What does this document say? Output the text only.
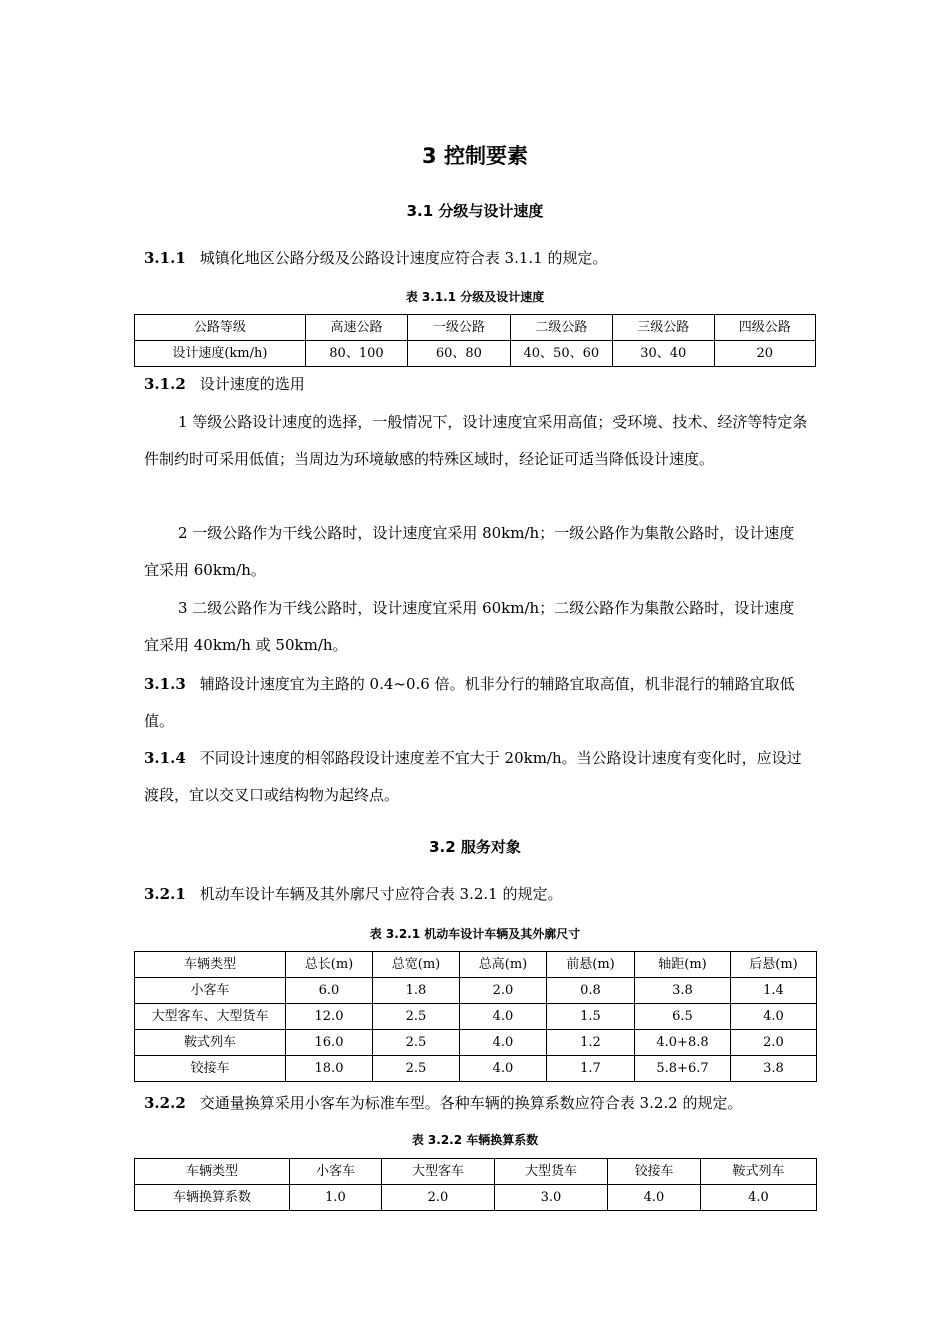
3 控制要素
3.1 分级与设计速度
3.1.1 城镇化地区公路分级及公路设计速度应符合表 3.1.1 的规定。
表 3.1.1 分级及设计速度
公路等级	高速公路	一级公路	二级公路	三级公路	四级公路
设计速度(km/h)	80、100	60、80	40、50、60	30、40	20
3.1.2 设计速度的选用
1 等级公路设计速度的选择，一般情况下，设计速度宜采用高值；受环境、技术、经济等特定条件制约时可采用低值；当周边为环境敏感的特殊区域时，经论证可适当降低设计速度。
2 一级公路作为干线公路时，设计速度宜采用 80km/h；一级公路作为集散公路时，设计速度宜采用 60km/h。
3 二级公路作为干线公路时，设计速度宜采用 60km/h；二级公路作为集散公路时，设计速度宜采用 40km/h 或 50km/h。
3.1.3 辅路设计速度宜为主路的 0.4~0.6 倍。机非分行的辅路宜取高值，机非混行的辅路宜取低值。
3.1.4 不同设计速度的相邻路段设计速度差不宜大于 20km/h。当公路设计速度有变化时，应设过渡段，宜以交叉口或结构物为起终点。
3.2 服务对象
3.2.1 机动车设计车辆及其外廓尺寸应符合表 3.2.1 的规定。
表 3.2.1 机动车设计车辆及其外廓尺寸
车辆类型	总长(m)	总宽(m)	总高(m)	前悬(m)	轴距(m)	后悬(m)
小客车	6.0	1.8	2.0	0.8	3.8	1.4
大型客车、大型货车	12.0	2.5	4.0	1.5	6.5	4.0
鞍式列车	16.0	2.5	4.0	1.2	4.0+8.8	2.0
铰接车	18.0	2.5	4.0	1.7	5.8+6.7	3.8
3.2.2 交通量换算采用小客车为标准车型。各种车辆的换算系数应符合表 3.2.2 的规定。
表 3.2.2 车辆换算系数
车辆类型	小客车	大型客车	大型货车	铰接车	鞍式列车
车辆换算系数	1.0	2.0	3.0	4.0	4.0
